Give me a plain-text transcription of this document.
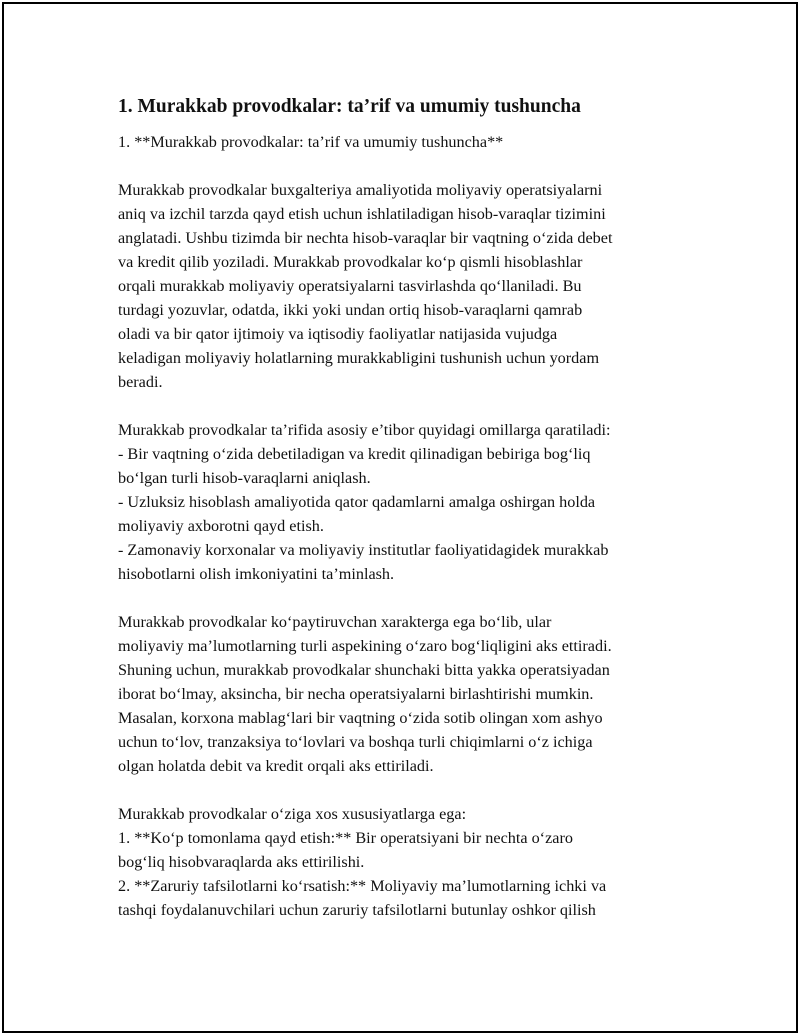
1. Murakkab provodkalar: ta’rif va umumiy tushuncha
1. **Murakkab provodkalar: ta’rif va umumiy tushuncha**
Murakkab provodkalar buxgalteriya amaliyotida moliyaviy operatsiyalarni
aniq va izchil tarzda qayd etish uchun ishlatiladigan hisob-varaqlar tizimini
anglatadi. Ushbu tizimda bir nechta hisob-varaqlar bir vaqtning o‘zida debet
va kredit qilib yoziladi. Murakkab provodkalar ko‘p qismli hisoblashlar
orqali murakkab moliyaviy operatsiyalarni tasvirlashda qo‘llaniladi. Bu
turdagi yozuvlar, odatda, ikki yoki undan ortiq hisob-varaqlarni qamrab
oladi va bir qator ijtimoiy va iqtisodiy faoliyatlar natijasida vujudga
keladigan moliyaviy holatlarning murakkabligini tushunish uchun yordam
beradi.
Murakkab provodkalar ta’rifida asosiy e’tibor quyidagi omillarga qaratiladi:
- Bir vaqtning o‘zida debetiladigan va kredit qilinadigan bebiriga bog‘liq
bo‘lgan turli hisob-varaqlarni aniqlash.
- Uzluksiz hisoblash amaliyotida qator qadamlarni amalga oshirgan holda
moliyaviy axborotni qayd etish.
- Zamonaviy korxonalar va moliyaviy institutlar faoliyatidagidek murakkab
hisobotlarni olish imkoniyatini ta’minlash.
Murakkab provodkalar ko‘paytiruvchan xarakterga ega bo‘lib, ular
moliyaviy ma’lumotlarning turli aspekining o‘zaro bog‘liqligini aks ettiradi.
Shuning uchun, murakkab provodkalar shunchaki bitta yakka operatsiyadan
iborat bo‘lmay, aksincha, bir necha operatsiyalarni birlashtirishi mumkin.
Masalan, korxona mablag‘lari bir vaqtning o‘zida sotib olingan xom ashyo
uchun to‘lov, tranzaksiya to‘lovlari va boshqa turli chiqimlarni o‘z ichiga
olgan holatda debit va kredit orqali aks ettiriladi.
Murakkab provodkalar o‘ziga xos xususiyatlarga ega:
1. **Ko‘p tomonlama qayd etish:** Bir operatsiyani bir nechta o‘zaro
bog‘liq hisobvaraqlarda aks ettirilishi.
2. **Zaruriy tafsilotlarni ko‘rsatish:** Moliyaviy ma’lumotlarning ichki va
tashqi foydalanuvchilari uchun zaruriy tafsilotlarni butunlay oshkor qilish
